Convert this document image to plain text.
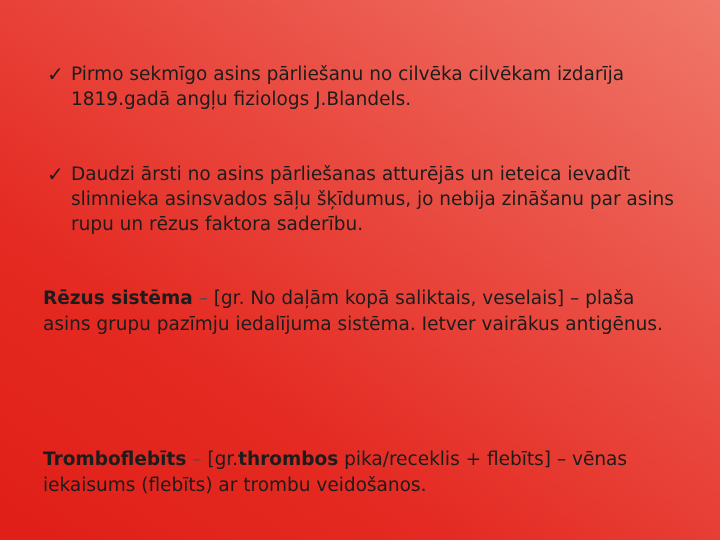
✓ Pirmo sekmīgo asins pārliešanu no cilvēka cilvēkam izdarīja 1819.gadā angļu fiziologs J.Blandels.
✓ Daudzi ārsti no asins pārliešanas atturējās un ieteica ievadīt slimnieka asinsvados sāļu šķīdumus, jo nebija zināšanu par asins rupu un rēzus faktora saderību.
Rēzus sistēma – [gr. No daļām kopā saliktais, veselais] – plaša asins grupu pazīmju iedalījuma sistēma. Ietver vairākus antigēnus.
Tromboflebīts – [gr.thrombos pika/receklis + flebīts] – vēnas iekaisums (flebīts) ar trombu veidošanos.
